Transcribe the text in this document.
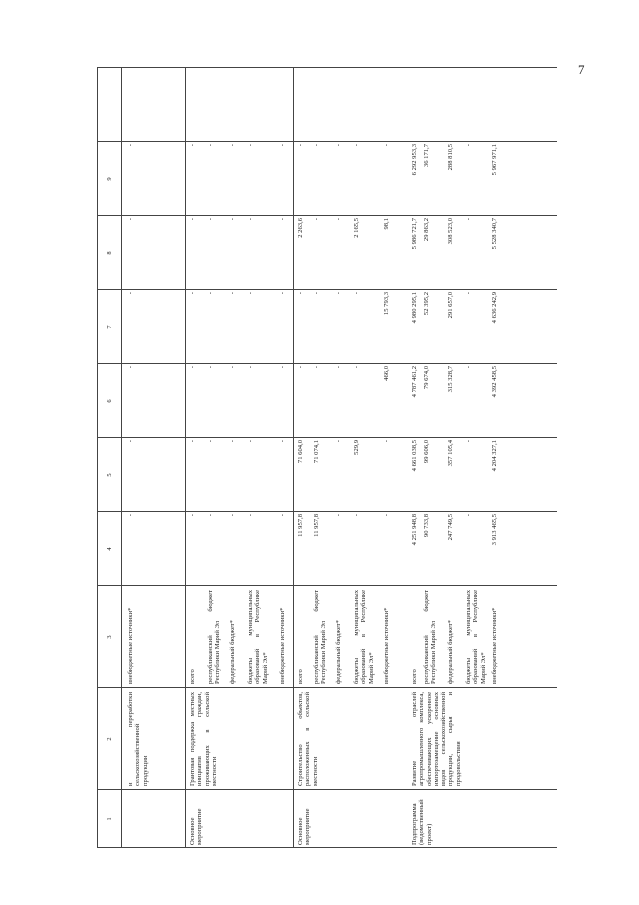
7
1
2
3
4
5
6
7
8
9
и переработки сельскохозяйственной продукции
внебюджетные источники*
-
-
-
-
-
-
Основное мероприятие
Грантовая поддержка местных инициатив граждан, проживающих в сельской местности
всего
-
-
-
-
-
-
республиканский бюджет Республики Марий Эл
-
-
-
-
-
-
федеральный бюджет*
-
-
-
-
-
-
бюджеты муниципальных образований в Республике Марий Эл*
-
-
-
-
-
-
внебюджетные источники*
-
-
-
-
-
-
Основное мероприятие
Строительство объектов, расположенных в сельской местности
всего
11 957,8
71 604,0
-
-
2 263,6
-
республиканский бюджет Республики Марий Эл
11 957,8
71 074,1
-
-
-
-
федеральный бюджет*
-
-
-
-
-
-
бюджеты муниципальных образований в Республике Марий Эл*
-
529,9
-
-
2 165,5
-
внебюджетные источники*
-
-
466,0
15 793,3
98,1
-
Подпрограмма (ведомственный проект)
Развитие отраслей агропромышленного комплекса, обеспечивающих ускоренное импортозамещение основных видов сельскохозяйственной продукции, сырья и продовольствия
всего
4 251 948,8
4 661 038,5
4 787 461,2
4 980 295,1
5 986 721,7
6 292 953,3
республиканский бюджет Республики Марий Эл
90 733,8
99 606,0
79 674,0
52 395,2
29 863,2
36 171,7
федеральный бюджет*
247 749,5
357 105,4
315 328,7
291 657,0
308 523,0
288 810,5
бюджеты муниципальных образований в Республике Марий Эл*
-
-
-
-
-
-
внебюджетные источники*
3 913 465,5
4 204 327,1
4 392 458,5
4 636 242,9
5 528 340,7
5 967 971,1
